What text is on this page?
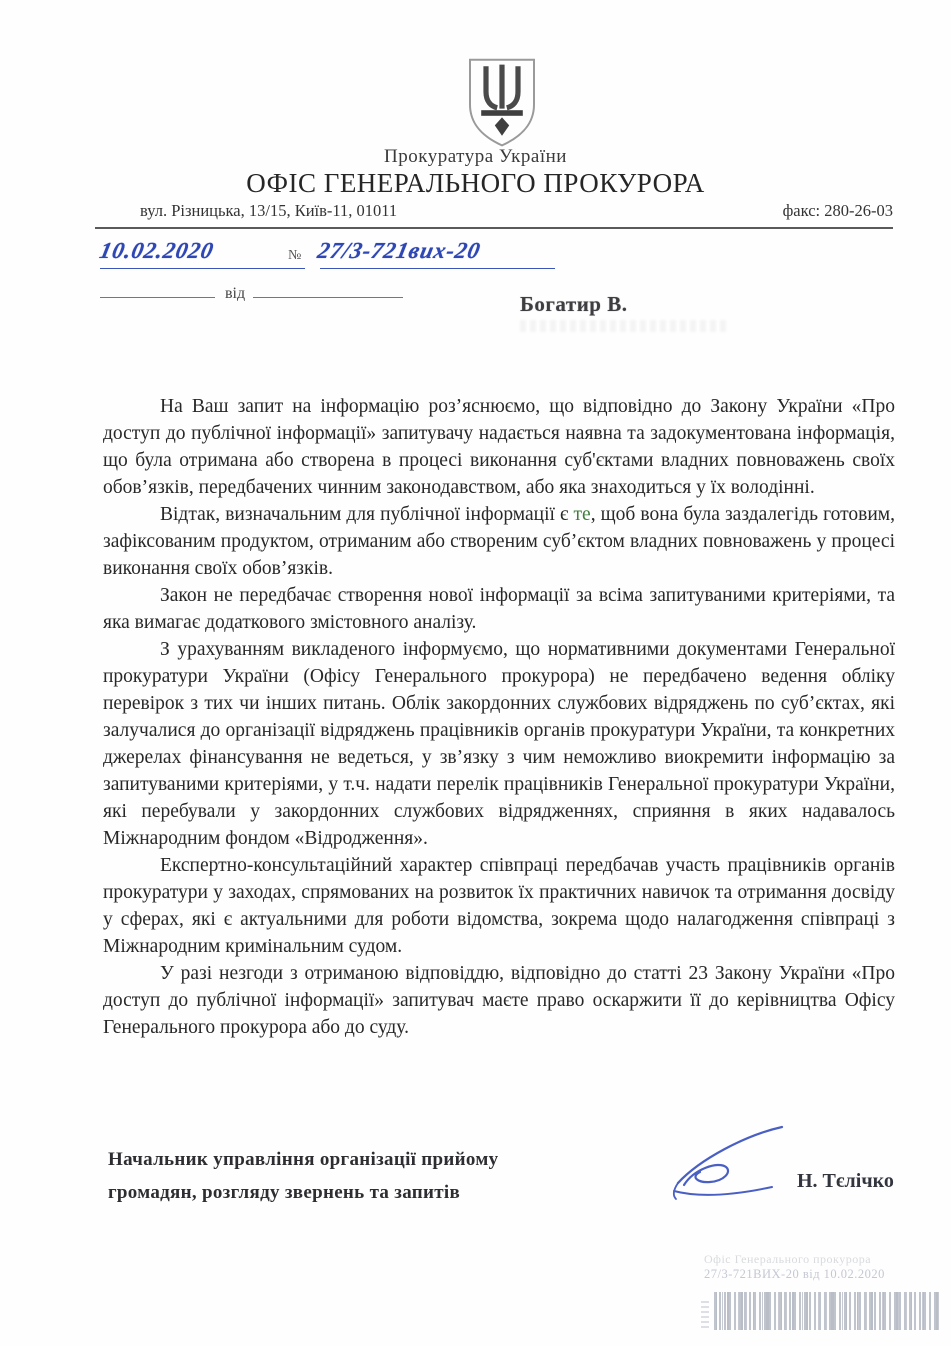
Прокуратура України
ОФІС ГЕНЕРАЛЬНОГО ПРОКУРОРА
вул. Різницька, 13/15, Київ-11, 01011	факс: 280-26-03
10.02.2020	№ 27/3-721вих-20
від	Богатир В.

На Ваш запит на інформацію роз’яснюємо, що відповідно до Закону України «Про доступ до публічної інформації» запитувачу надається наявна та задокументована інформація, що була отримана або створена в процесі виконання суб'єктами владних повноважень своїх обов’язків, передбачених чинним законодавством, або яка знаходиться у їх володінні.

Відтак, визначальним для публічної інформації є те, щоб вона була заздалегідь готовим, зафіксованим продуктом, отриманим або створеним суб’єктом владних повноважень у процесі виконання своїх обов’язків.

Закон не передбачає створення нової інформації за всіма запитуваними критеріями, та яка вимагає додаткового змістовного аналізу.

З урахуванням викладеного інформуємо, що нормативними документами Генеральної прокуратури України (Офісу Генерального прокурора) не передбачено ведення обліку перевірок з тих чи інших питань. Облік закордонних службових відряджень по суб’єктах, які залучалися до організації відряджень працівників органів прокуратури України, та конкретних джерелах фінансування не ведеться, у зв’язку з чим неможливо виокремити інформацію за запитуваними критеріями, у т.ч. надати перелік працівників Генеральної прокуратури України, які перебували у закордонних службових відрядженнях, сприяння в яких надавалось Міжнародним фондом «Відродження».

Експертно-консультаційний характер співпраці передбачав участь працівників органів прокуратури у заходах, спрямованих на розвиток їх практичних навичок та отримання досвіду у сферах, які є актуальними для роботи відомства, зокрема щодо налагодження співпраці з Міжнародним кримінальним судом.

У разі незгоди з отриманою відповіддю, відповідно до статті 23 Закону України «Про доступ до публічної інформації» запитувач маєте право оскаржити її до керівництва Офісу Генерального прокурора або до суду.

Начальник управління організації прийому
громадян, розгляду звернень та запитів
Н. Тєлічко
Офіс Генерального прокурора
27/3-721ВИХ-20 від 10.02.2020
